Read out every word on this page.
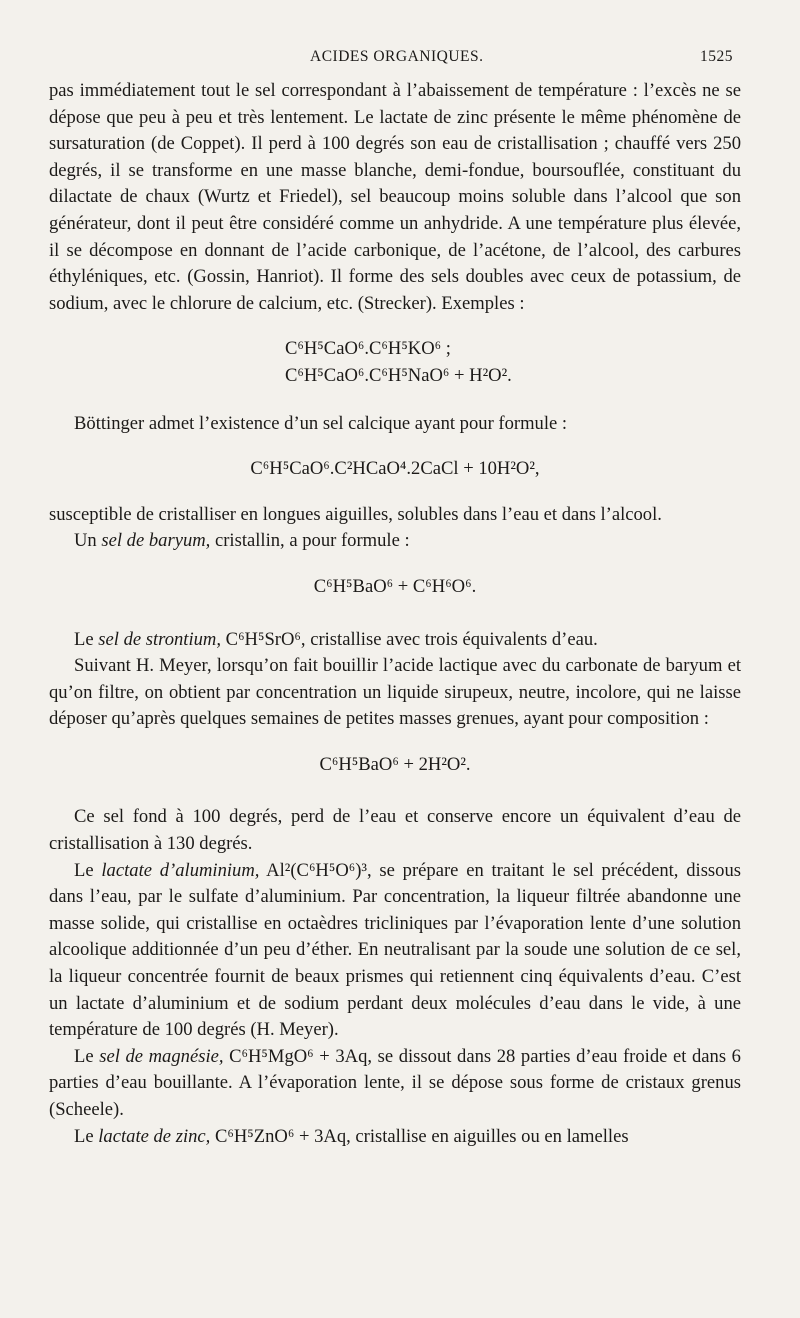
ACIDES ORGANIQUES.	1525

pas immédiatement tout le sel correspondant à l’abaissement de température : l’excès ne se dépose que peu à peu et très lentement. Le lactate de zinc présente le même phénomène de sursaturation (de Coppet). Il perd à 100 degrés son eau de cristallisation ; chauffé vers 250 degrés, il se transforme en une masse blanche, demi-fondue, boursouflée, constituant du dilactate de chaux (Wurtz et Friedel), sel beaucoup moins soluble dans l’alcool que son générateur, dont il peut être considéré comme un anhydride. A une température plus élevée, il se décompose en donnant de l’acide carbonique, de l’acétone, de l’alcool, des carbures éthyléniques, etc. (Gossin, Hanriot). Il forme des sels doubles avec ceux de potassium, de sodium, avec le chlorure de calcium, etc. (Strecker). Exemples :

C⁶H⁵CaO⁶.C⁶H⁵KO⁶ ;
C⁶H⁵CaO⁶.C⁶H⁵NaO⁶ + H²O².

Böttinger admet l’existence d’un sel calcique ayant pour formule :

C⁶H⁵CaO⁶.C²HCaO⁴.2CaCl + 10H²O²,

susceptible de cristalliser en longues aiguilles, solubles dans l’eau et dans l’alcool.

Un sel de baryum, cristallin, a pour formule :

C⁶H⁵BaO⁶ + C⁶H⁶O⁶.

Le sel de strontium, C⁶H⁵SrO⁶, cristallise avec trois équivalents d’eau.

Suivant H. Meyer, lorsqu’on fait bouillir l’acide lactique avec du carbonate de baryum et qu’on filtre, on obtient par concentration un liquide sirupeux, neutre, incolore, qui ne laisse déposer qu’après quelques semaines de petites masses grenues, ayant pour composition :

C⁶H⁵BaO⁶ + 2H²O².

Ce sel fond à 100 degrés, perd de l’eau et conserve encore un équivalent d’eau de cristallisation à 130 degrés.

Le lactate d’aluminium, Al²(C⁶H⁵O⁶)³, se prépare en traitant le sel précédent, dissous dans l’eau, par le sulfate d’aluminium. Par concentration, la liqueur filtrée abandonne une masse solide, qui cristallise en octaèdres tricliniques par l’évaporation lente d’une solution alcoolique additionnée d’un peu d’éther. En neutralisant par la soude une solution de ce sel, la liqueur concentrée fournit de beaux prismes qui retiennent cinq équivalents d’eau. C’est un lactate d’aluminium et de sodium perdant deux molécules d’eau dans le vide, à une température de 100 degrés (H. Meyer).

Le sel de magnésie, C⁶H⁵MgO⁶ + 3Aq, se dissout dans 28 parties d’eau froide et dans 6 parties d’eau bouillante. A l’évaporation lente, il se dépose sous forme de cristaux grenus (Scheele).

Le lactate de zinc, C⁶H⁵ZnO⁶ + 3Aq, cristallise en aiguilles ou en lamelles
